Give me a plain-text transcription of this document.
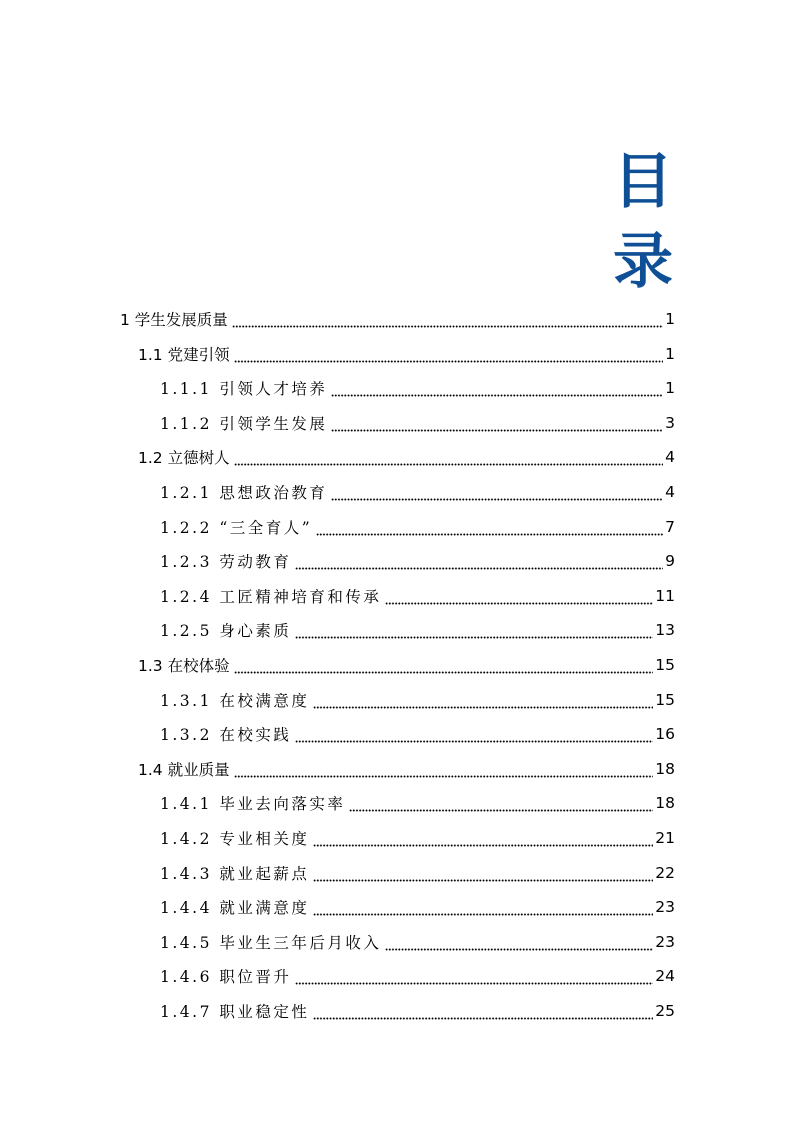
目
录
1 学生发展质量	1
1.1 党建引领	1
1.1.1 引领人才培养	1
1.1.2 引领学生发展	3
1.2 立德树人	4
1.2.1 思想政治教育	4
1.2.2 “三全育人”	7
1.2.3 劳动教育	9
1.2.4 工匠精神培育和传承	11
1.2.5 身心素质	13
1.3 在校体验	15
1.3.1 在校满意度	15
1.3.2 在校实践	16
1.4 就业质量	18
1.4.1 毕业去向落实率	18
1.4.2 专业相关度	21
1.4.3 就业起薪点	22
1.4.4 就业满意度	23
1.4.5 毕业生三年后月收入	23
1.4.6 职位晋升	24
1.4.7 职业稳定性	25
